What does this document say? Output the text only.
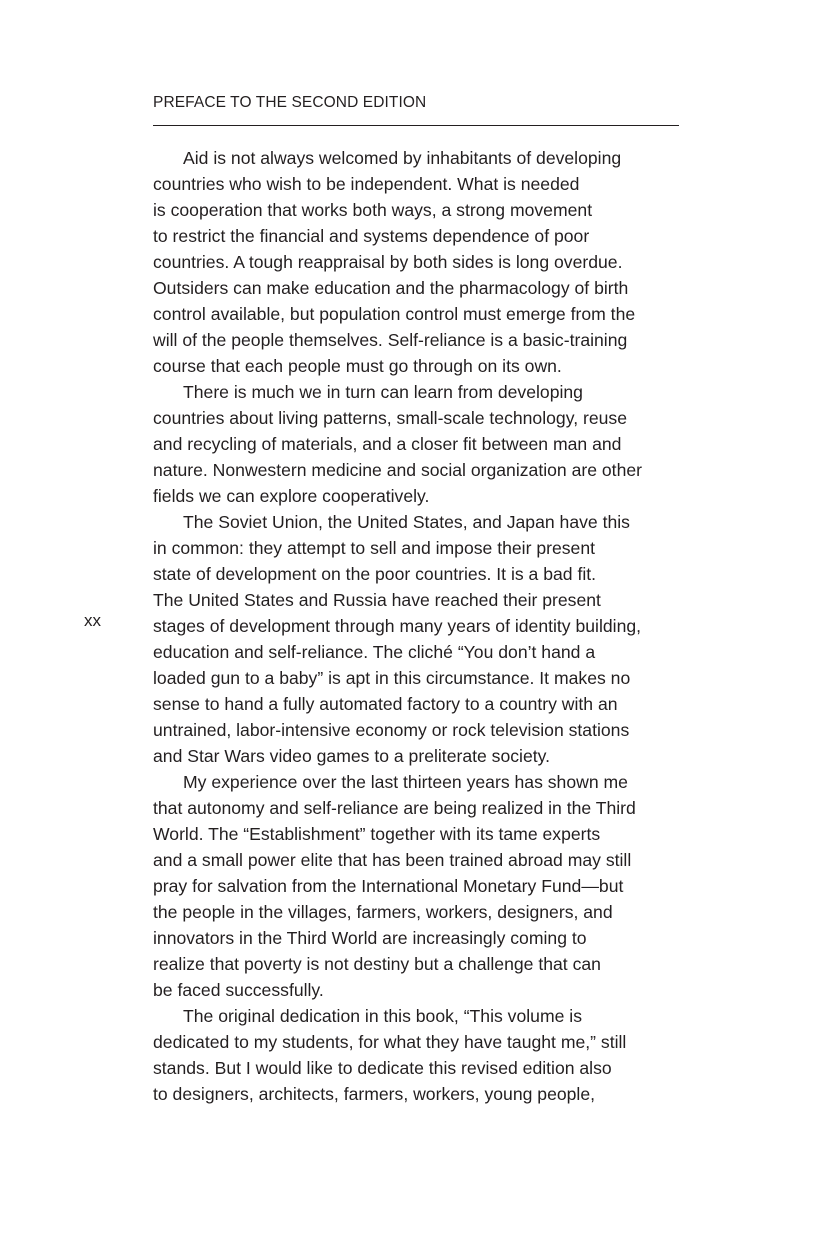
PREFACE TO THE SECOND EDITION
xx
Aid is not always welcomed by inhabitants of developing
countries who wish to be independent. What is needed
is cooperation that works both ways, a strong movement
to restrict the financial and systems dependence of poor
countries. A tough reappraisal by both sides is long overdue.
Outsiders can make education and the pharmacology of birth
control available, but population control must emerge from the
will of the people themselves. Self-reliance is a basic-training
course that each people must go through on its own.
There is much we in turn can learn from developing
countries about living patterns, small-scale technology, reuse
and recycling of materials, and a closer fit between man and
nature. Nonwestern medicine and social organization are other
fields we can explore cooperatively.
The Soviet Union, the United States, and Japan have this
in common: they attempt to sell and impose their present
state of development on the poor countries. It is a bad fit.
The United States and Russia have reached their present
stages of development through many years of identity building,
education and self-reliance. The cliché “You don’t hand a
loaded gun to a baby” is apt in this circumstance. It makes no
sense to hand a fully automated factory to a country with an
untrained, labor-intensive economy or rock television stations
and Star Wars video games to a preliterate society.
My experience over the last thirteen years has shown me
that autonomy and self-reliance are being realized in the Third
World. The “Establishment” together with its tame experts
and a small power elite that has been trained abroad may still
pray for salvation from the International Monetary Fund—but
the people in the villages, farmers, workers, designers, and
innovators in the Third World are increasingly coming to
realize that poverty is not destiny but a challenge that can
be faced successfully.
The original dedication in this book, “This volume is
dedicated to my students, for what they have taught me,” still
stands. But I would like to dedicate this revised edition also
to designers, architects, farmers, workers, young people,
